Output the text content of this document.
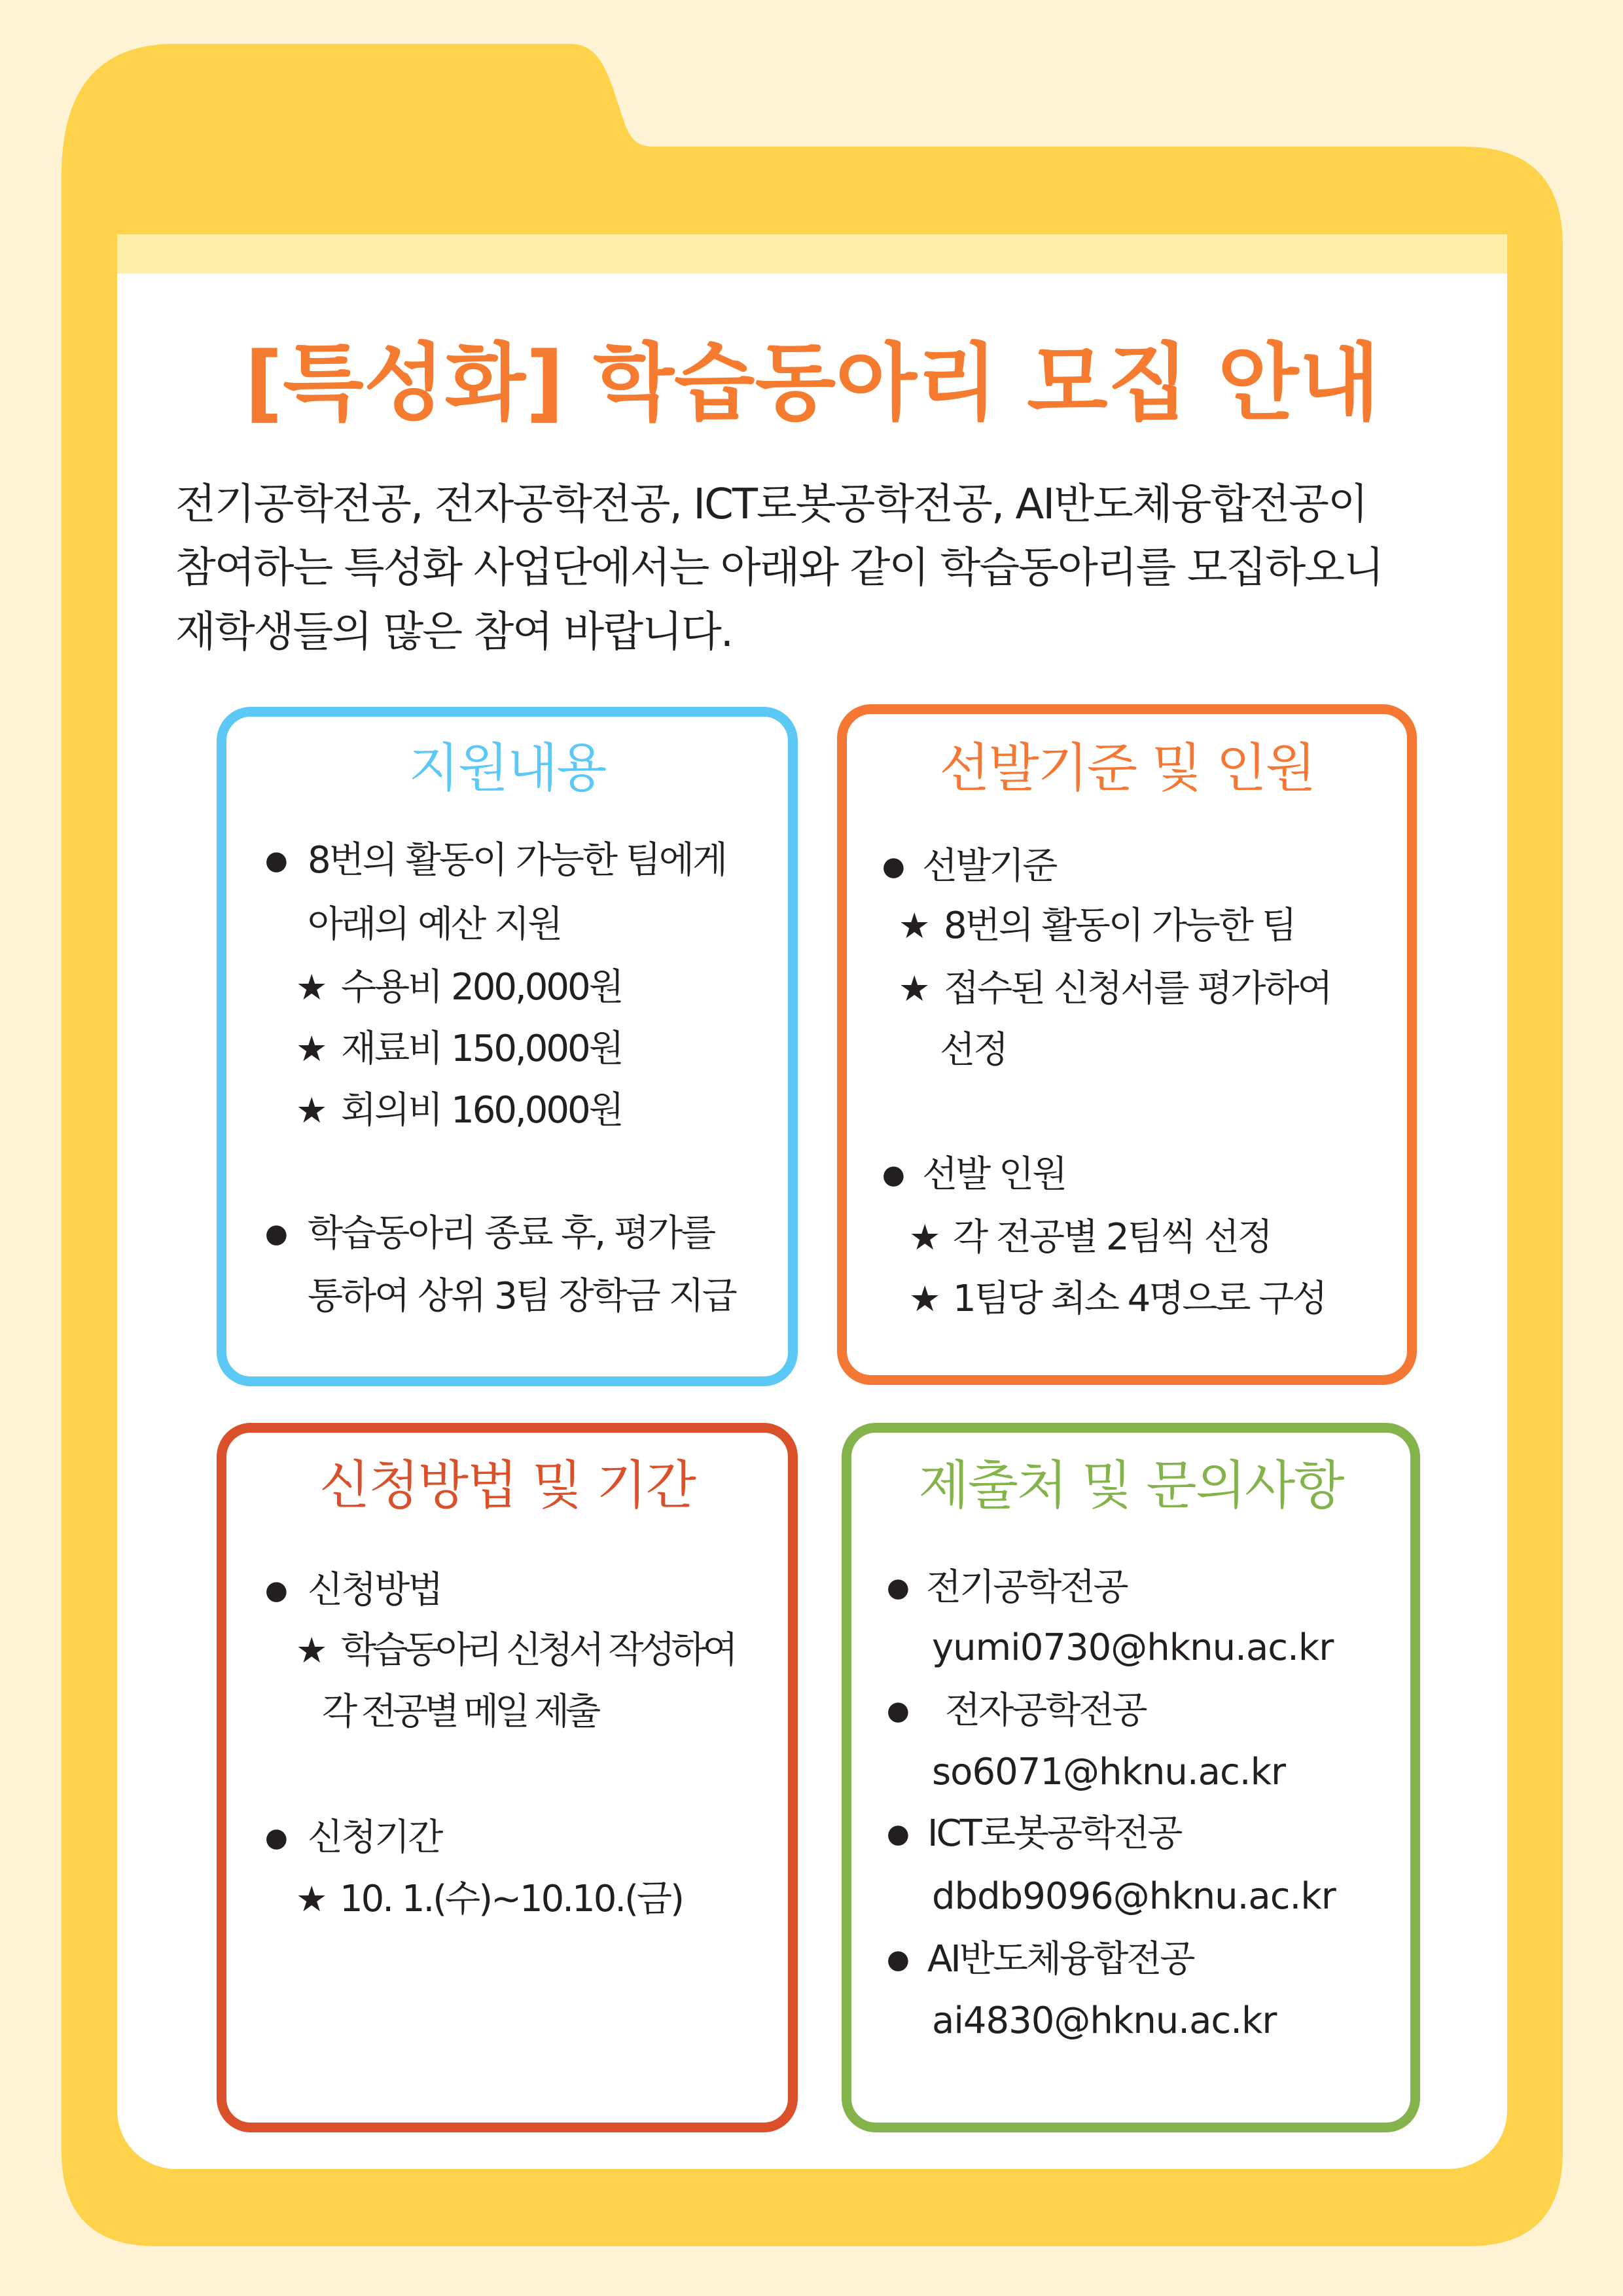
[특성화] 학습동아리 모집 안내
전기공학전공, 전자공학전공, ICT로봇공학전공, AI반도체융합전공이
참여하는 특성화 사업단에서는 아래와 같이 학습동아리를 모집하오니
재학생들의 많은 참여 바랍니다.
지원내용
● 8번의 활동이 가능한 팀에게
아래의 예산 지원
★ 수용비 200,000원
★ 재료비 150,000원
★ 회의비 160,000원
● 학습동아리 종료 후, 평가를
통하여 상위 3팀 장학금 지급
선발기준 및 인원
● 선발기준
★ 8번의 활동이 가능한 팀
★ 접수된 신청서를 평가하여
선정
● 선발 인원
★ 각 전공별 2팀씩 선정
★ 1팀당 최소 4명으로 구성
신청방법 및 기간
● 신청방법
★ 학습동아리 신청서 작성하여
각 전공별 메일 제출
● 신청기간
★ 10. 1.(수)~10.10.(금)
제출처 및 문의사항
● 전기공학전공
yumi0730@hknu.ac.kr
● 전자공학전공
so6071@hknu.ac.kr
● ICT로봇공학전공
dbdb9096@hknu.ac.kr
● AI반도체융합전공
ai4830@hknu.ac.kr
